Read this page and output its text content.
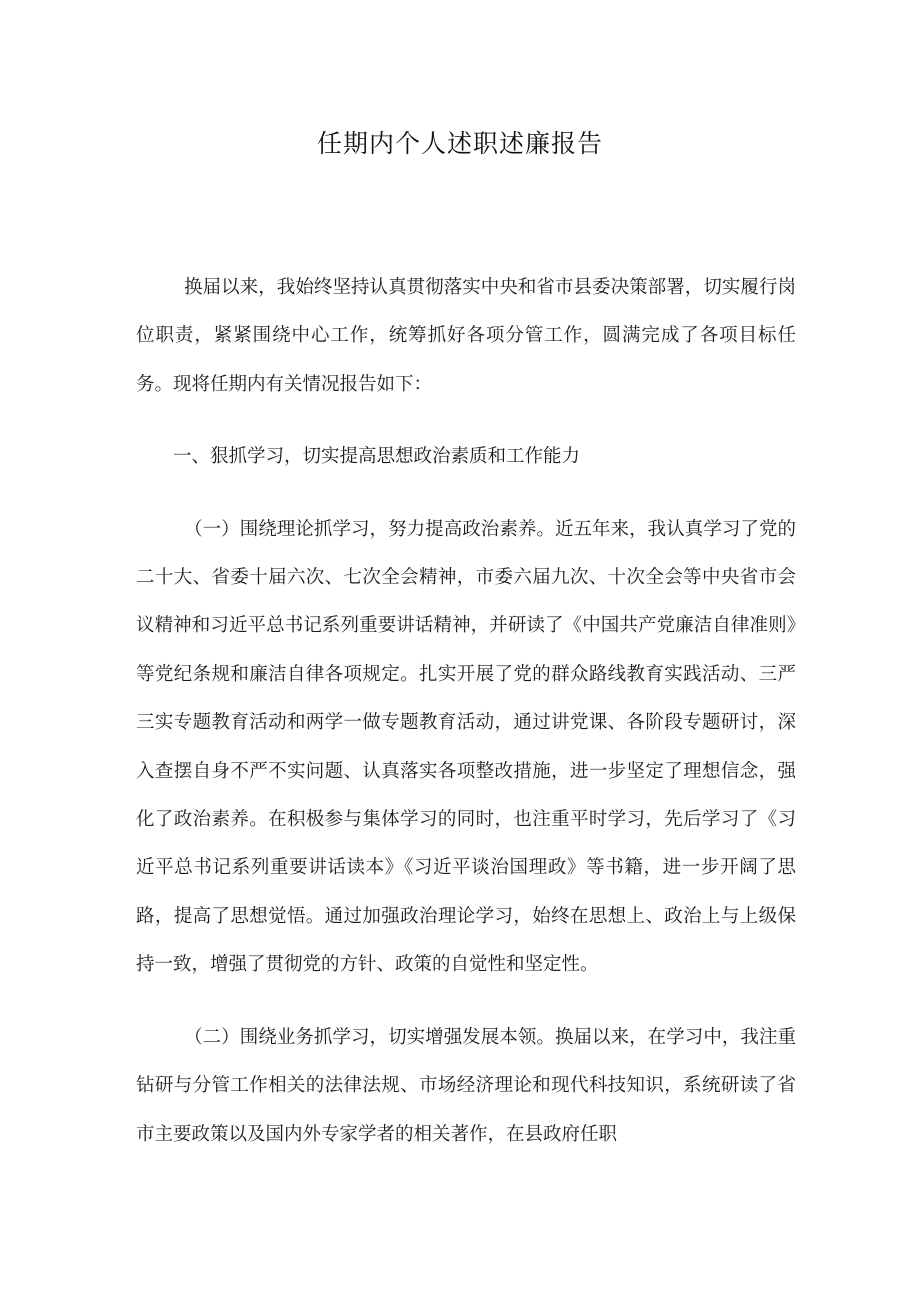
任期内个人述职述廉报告

换届以来，我始终坚持认真贯彻落实中央和省市县委决策部署，切实履行岗位职责，紧紧围绕中心工作，统筹抓好各项分管工作，圆满完成了各项目标任务。现将任期内有关情况报告如下：

一、狠抓学习，切实提高思想政治素质和工作能力

（一）围绕理论抓学习，努力提高政治素养。近五年来，我认真学习了党的二十大、省委十届六次、七次全会精神，市委六届九次、十次全会等中央省市会议精神和习近平总书记系列重要讲话精神，并研读了《中国共产党廉洁自律准则》等党纪条规和廉洁自律各项规定。扎实开展了党的群众路线教育实践活动、三严三实专题教育活动和两学一做专题教育活动，通过讲党课、各阶段专题研讨，深入查摆自身不严不实问题、认真落实各项整改措施，进一步坚定了理想信念，强化了政治素养。在积极参与集体学习的同时，也注重平时学习，先后学习了《习近平总书记系列重要讲话读本》《习近平谈治国理政》等书籍，进一步开阔了思路，提高了思想觉悟。通过加强政治理论学习，始终在思想上、政治上与上级保持一致，增强了贯彻党的方针、政策的自觉性和坚定性。

（二）围绕业务抓学习，切实增强发展本领。换届以来，在学习中，我注重钻研与分管工作相关的法律法规、市场经济理论和现代科技知识，系统研读了省市主要政策以及国内外专家学者的相关著作，在县政府任职
